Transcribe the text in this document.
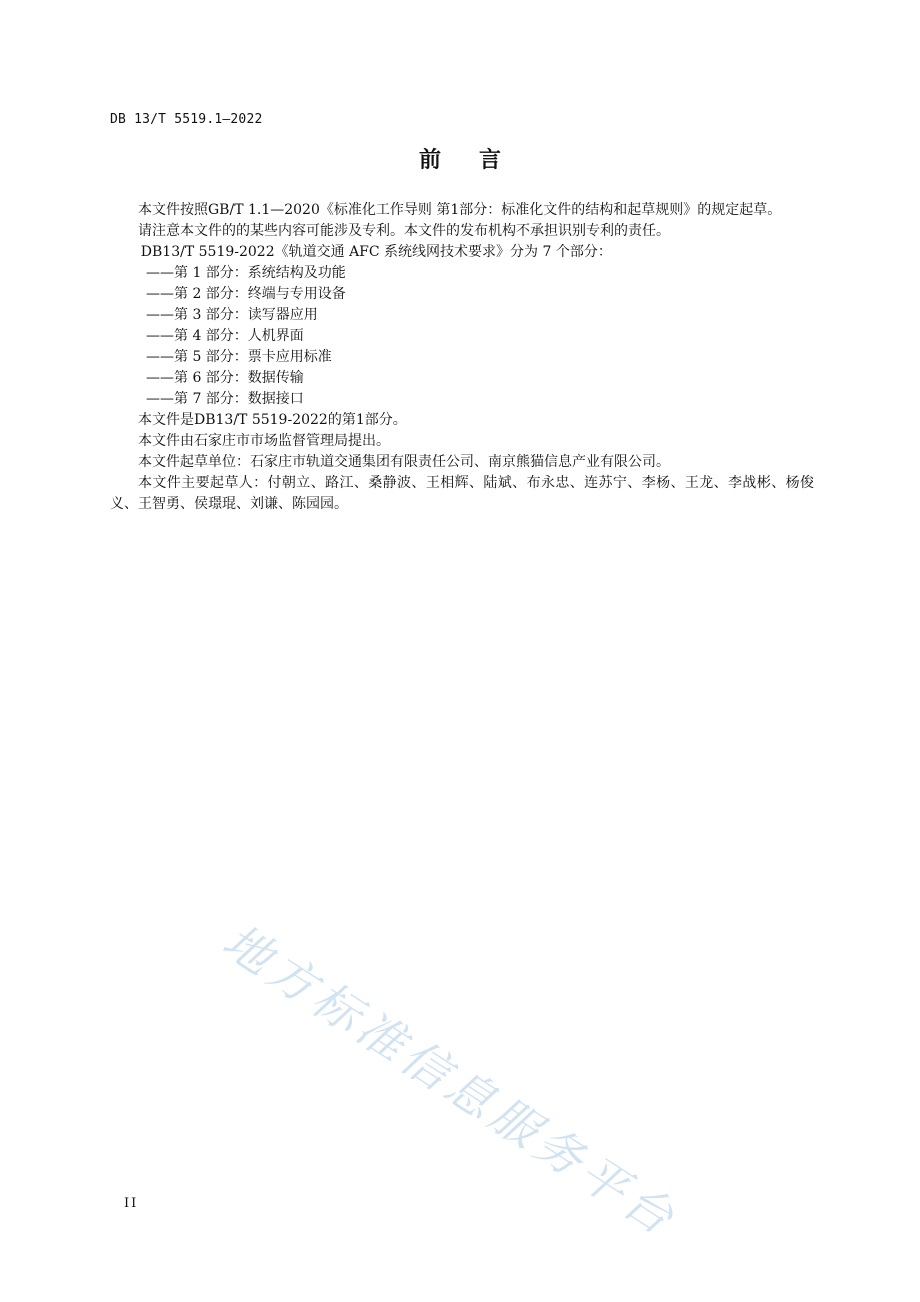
DB 13/T 5519.1—2022
前言

本文件按照GB/T 1.1—2020《标准化工作导则 第1部分：标准化文件的结构和起草规则》的规定起草。

请注意本文件的的某些内容可能涉及专利。本文件的发布机构不承担识别专利的责任。

DB13/T 5519-2022《轨道交通 AFC 系统线网技术要求》分为 7 个部分：

——第 1 部分：系统结构及功能

——第 2 部分：终端与专用设备

——第 3 部分：读写器应用

——第 4 部分：人机界面

——第 5 部分：票卡应用标准

——第 6 部分：数据传输

——第 7 部分：数据接口

本文件是DB13/T 5519-2022的第1部分。

本文件由石家庄市市场监督管理局提出。

本文件起草单位：石家庄市轨道交通集团有限责任公司、南京熊猫信息产业有限公司。

本文件主要起草人：付朝立、路江、桑静波、王相辉、陆斌、布永忠、连苏宁、李杨、王龙、李战彬、杨俊义、王智勇、侯璟琨、刘谦、陈园园。

地方标准信息服务平台
II
